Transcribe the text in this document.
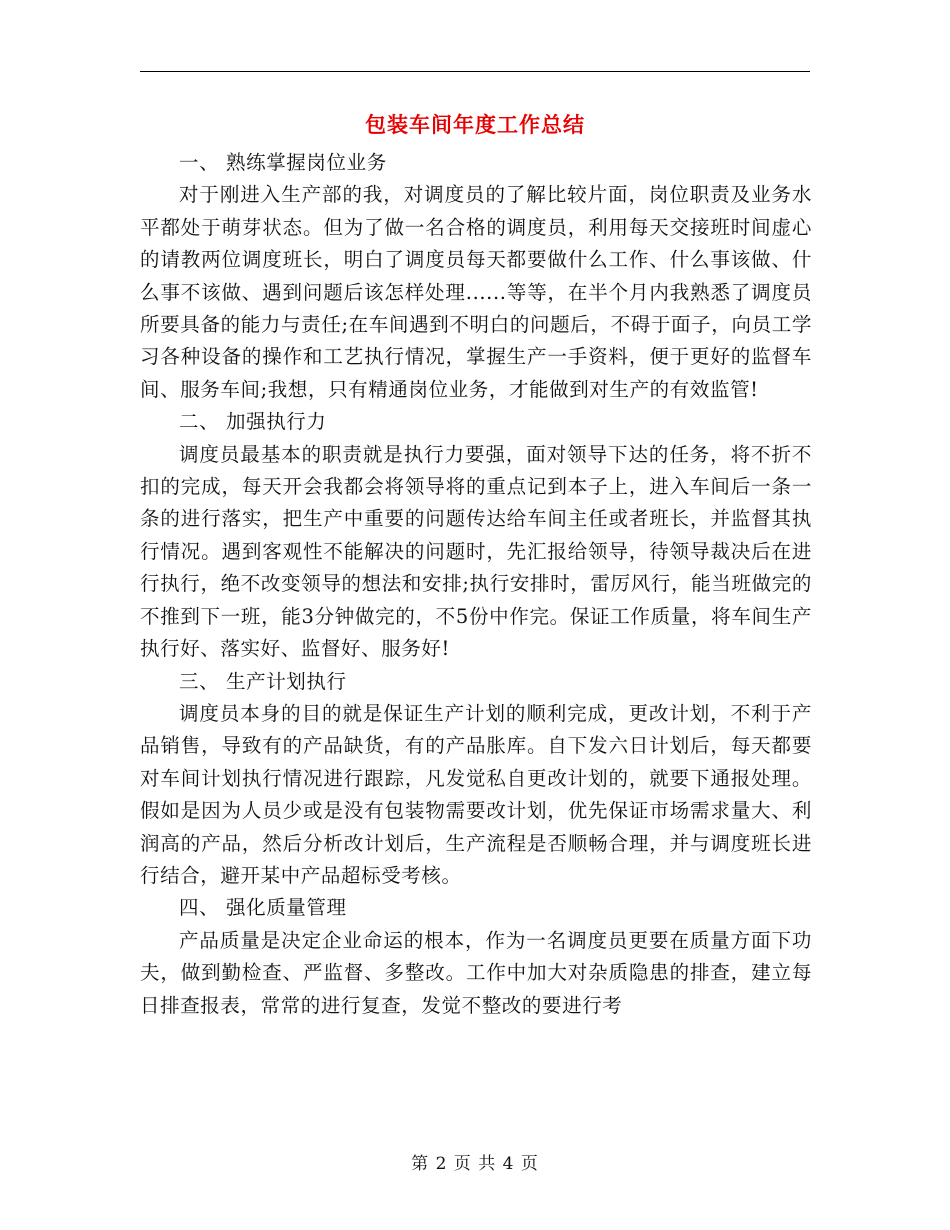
包装车间年度工作总结

一、 熟练掌握岗位业务

对于刚进入生产部的我，对调度员的了解比较片面，岗位职责及业务水平都处于萌芽状态。但为了做一名合格的调度员，利用每天交接班时间虚心的请教两位调度班长，明白了调度员每天都要做什么工作、什么事该做、什么事不该做、遇到问题后该怎样处理......等等，在半个月内我熟悉了调度员所要具备的能力与责任;在车间遇到不明白的问题后，不碍于面子，向员工学习各种设备的操作和工艺执行情况，掌握生产一手资料，便于更好的监督车间、服务车间;我想，只有精通岗位业务，才能做到对生产的有效监管!

二、 加强执行力

调度员最基本的职责就是执行力要强，面对领导下达的任务，将不折不扣的完成，每天开会我都会将领导将的重点记到本子上，进入车间后一条一条的进行落实，把生产中重要的问题传达给车间主任或者班长，并监督其执行情况。遇到客观性不能解决的问题时，先汇报给领导，待领导裁决后在进行执行，绝不改变领导的想法和安排;执行安排时，雷厉风行，能当班做完的不推到下一班，能3分钟做完的，不5份中作完。保证工作质量，将车间生产执行好、落实好、监督好、服务好!

三、 生产计划执行

调度员本身的目的就是保证生产计划的顺利完成，更改计划，不利于产品销售，导致有的产品缺货，有的产品胀库。自下发六日计划后，每天都要对车间计划执行情况进行跟踪，凡发觉私自更改计划的，就要下通报处理。假如是因为人员少或是没有包装物需要改计划，优先保证市场需求量大、利润高的产品，然后分析改计划后，生产流程是否顺畅合理，并与调度班长进行结合，避开某中产品超标受考核。

四、 强化质量管理

产品质量是决定企业命运的根本，作为一名调度员更要在质量方面下功夫，做到勤检查、严监督、多整改。工作中加大对杂质隐患的排查，建立每日排查报表，常常的进行复查，发觉不整改的要进行考

第 2 页 共 4 页
